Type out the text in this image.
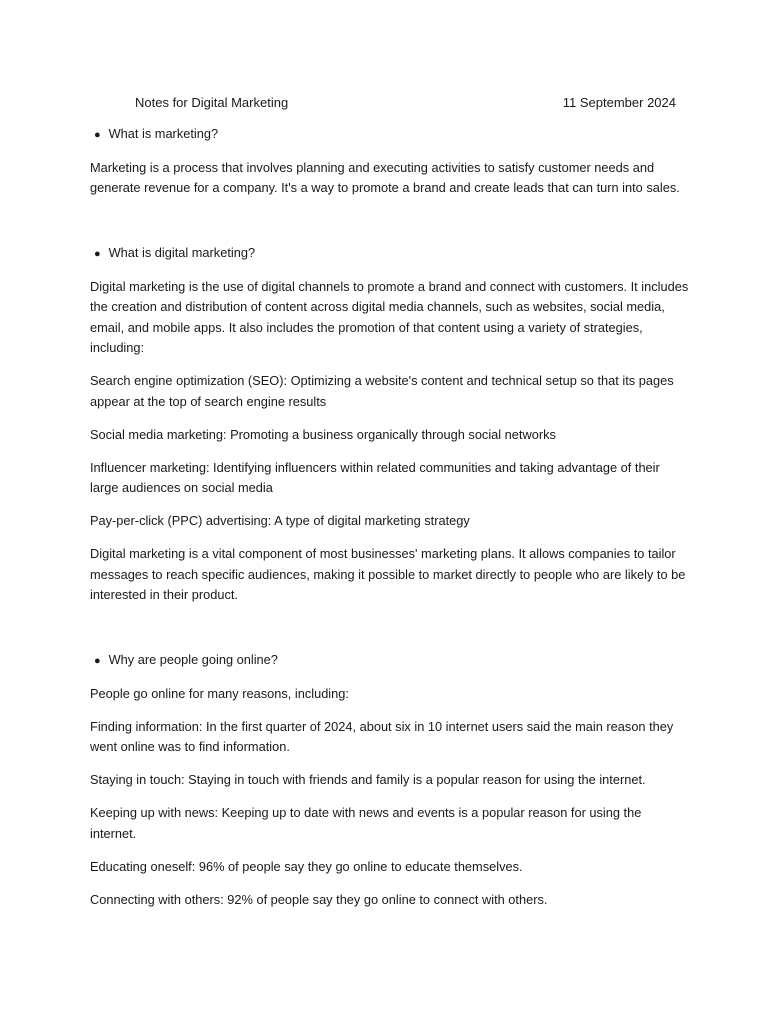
Notes for Digital Marketing	11 September 2024
● What is marketing?

Marketing is a process that involves planning and executing activities to satisfy customer needs and generate revenue for a company. It's a way to promote a brand and create leads that can turn into sales.

● What is digital marketing?

Digital marketing is the use of digital channels to promote a brand and connect with customers. It includes the creation and distribution of content across digital media channels, such as websites, social media, email, and mobile apps. It also includes the promotion of that content using a variety of strategies, including:

Search engine optimization (SEO): Optimizing a website's content and technical setup so that its pages appear at the top of search engine results

Social media marketing: Promoting a business organically through social networks

Influencer marketing: Identifying influencers within related communities and taking advantage of their large audiences on social media

Pay-per-click (PPC) advertising: A type of digital marketing strategy

Digital marketing is a vital component of most businesses' marketing plans. It allows companies to tailor messages to reach specific audiences, making it possible to market directly to people who are likely to be interested in their product.

● Why are people going online?

People go online for many reasons, including:

Finding information: In the first quarter of 2024, about six in 10 internet users said the main reason they went online was to find information.

Staying in touch: Staying in touch with friends and family is a popular reason for using the internet.

Keeping up with news: Keeping up to date with news and events is a popular reason for using the internet.

Educating oneself: 96% of people say they go online to educate themselves.

Connecting with others: 92% of people say they go online to connect with others.
